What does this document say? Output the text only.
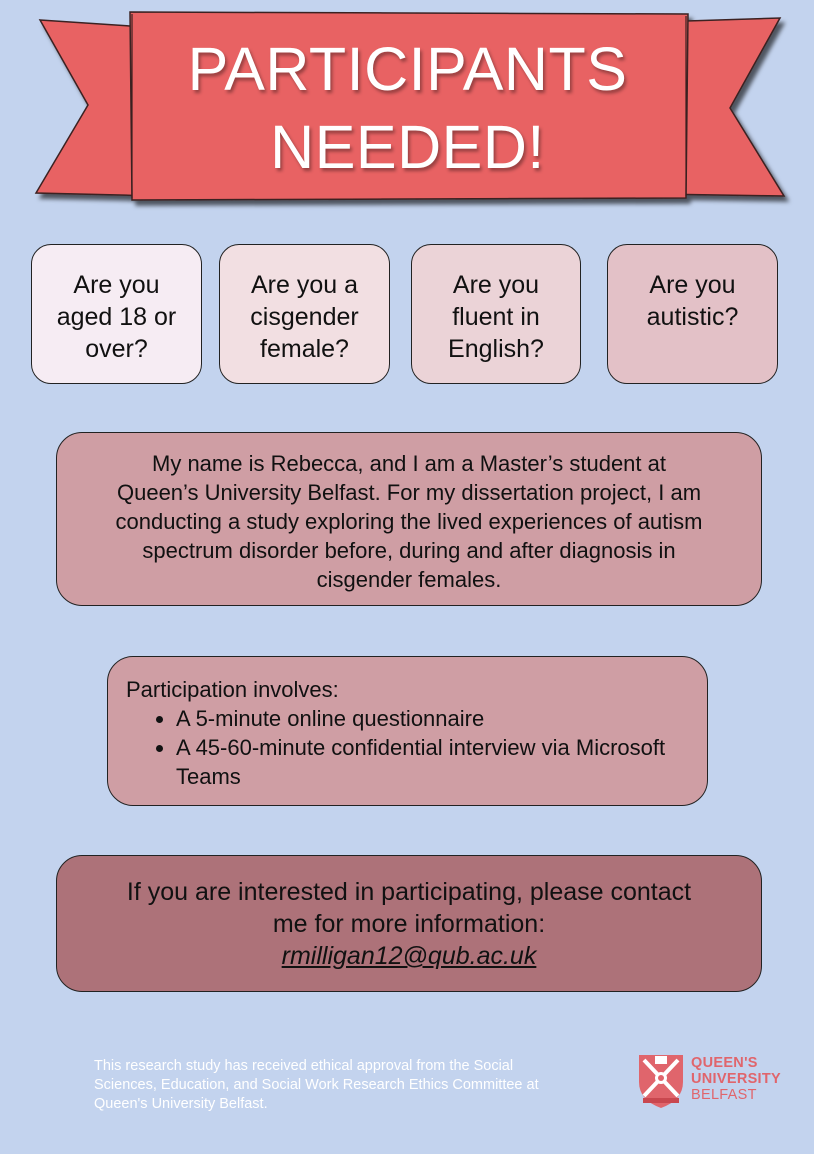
PARTICIPANTS
NEEDED!
Are you
aged 18 or
over?
Are you a
cisgender
female?
Are you
fluent in
English?
Are you
autistic?
My name is Rebecca, and I am a Master’s student at
Queen’s University Belfast. For my dissertation project, I am
conducting a study exploring the lived experiences of autism
spectrum disorder before, during and after diagnosis in
cisgender females.
Participation involves:
• A 5-minute online questionnaire
• A 45-60-minute confidential interview via Microsoft Teams
If you are interested in participating, please contact
me for more information:
rmilligan12@qub.ac.uk
This research study has received ethical approval from the Social
Sciences, Education, and Social Work Research Ethics Committee at
Queen's University Belfast.
QUEEN'S
UNIVERSITY
BELFAST
